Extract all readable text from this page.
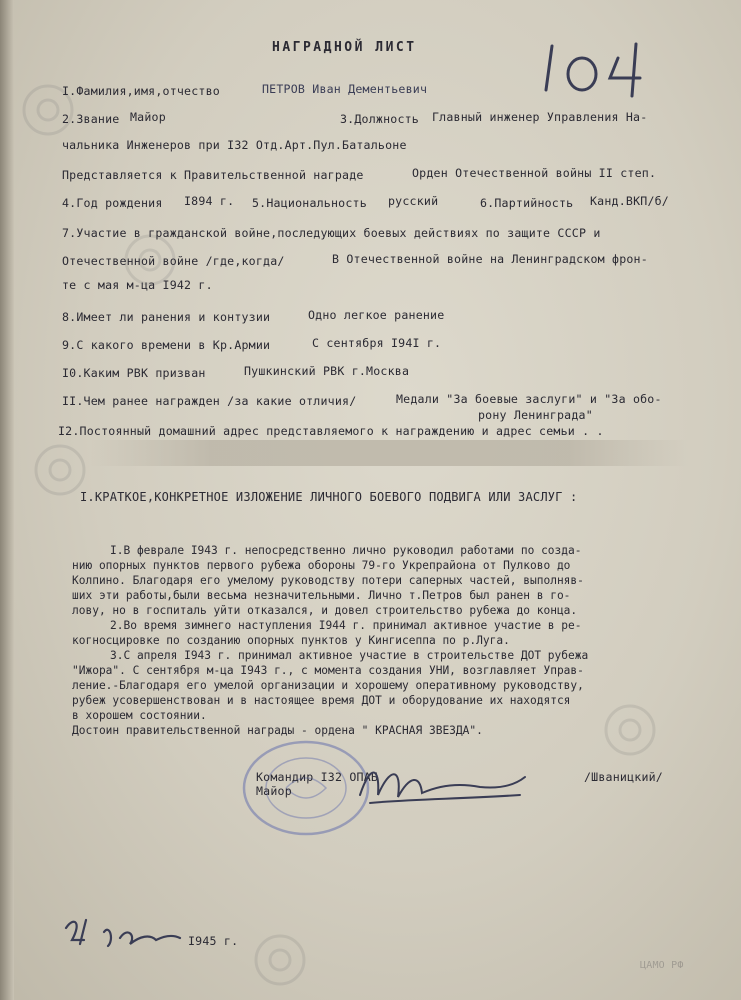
НАГРАДНОЙ ЛИСТ
I.Фамилия,имя,отчество	ПЕТРОВ Иван Дементьевич
2.Звание Майор	3.Должность Главный инженер Управления На-
чальника Инженеров при I32 Отд.Арт.Пул.Батальоне
Представляется к Правительственной награде	Орден Отечественной войны II степ.
4.Год рождения I894 г. 5.Национальность русский	6.Партийность Канд.ВКП/б/
7.Участие в гражданской войне,последующих боевых действиях по защите СССР и
Отечественной войне /где,когда/	В Отечественной войне на Ленинградском фрон-
те с мая м-ца I942 г.
8.Имеет ли ранения и контузии	Одно легкое ранение
9.С какого времени в Кр.Армии	С сентября I94I г.
I0.Каким РВК призван	Пушкинский РВК г.Москва
II.Чем ранее награжден /за какие отличия/	Медали "За боевые заслуги" и "За обо-
рону Ленинграда"
I2.Постоянный домашний адрес представляемого к награждению и адрес семьи . .
I.КРАТКОЕ,КОНКРЕТНОЕ ИЗЛОЖЕНИЕ ЛИЧНОГО БОЕВОГО ПОДВИГА ИЛИ ЗАСЛУГ :
I.В феврале I943 г. непосредственно лично руководил работами по созда-
нию опорных пунктов первого рубежа обороны 79-го Укрепрайона от Пулково до
Колпино. Благодаря его умелому руководству потери саперных частей, выполняв-
ших эти работы,были весьма незначительными. Лично т.Петров был ранен в го-
лову, но в госпиталь уйти отказался, и довел строительство рубежа до конца.
2.Во время зимнего наступления I944 г. принимал активное участие в ре-
когносцировке по созданию опорных пунктов у Кингисеппа по р.Луга.
3.С апреля I943 г. принимал активное участие в строительстве ДОТ рубежа
"Ижора". С сентября м-ца I943 г., с момента создания УНИ, возглавляет Управ-
ление.-Благодаря его умелой организации и хорошему оперативному руководству,
рубеж усовершенствован и в настоящее время ДОТ и оборудование их находятся
в хорошем состоянии.
Достоин правительственной награды - ордена " КРАСНАЯ ЗВЕЗДА".
Командир I32 ОПАБ
Майор
/Шваницкий/
I945 г.
ЦАМО РФ
